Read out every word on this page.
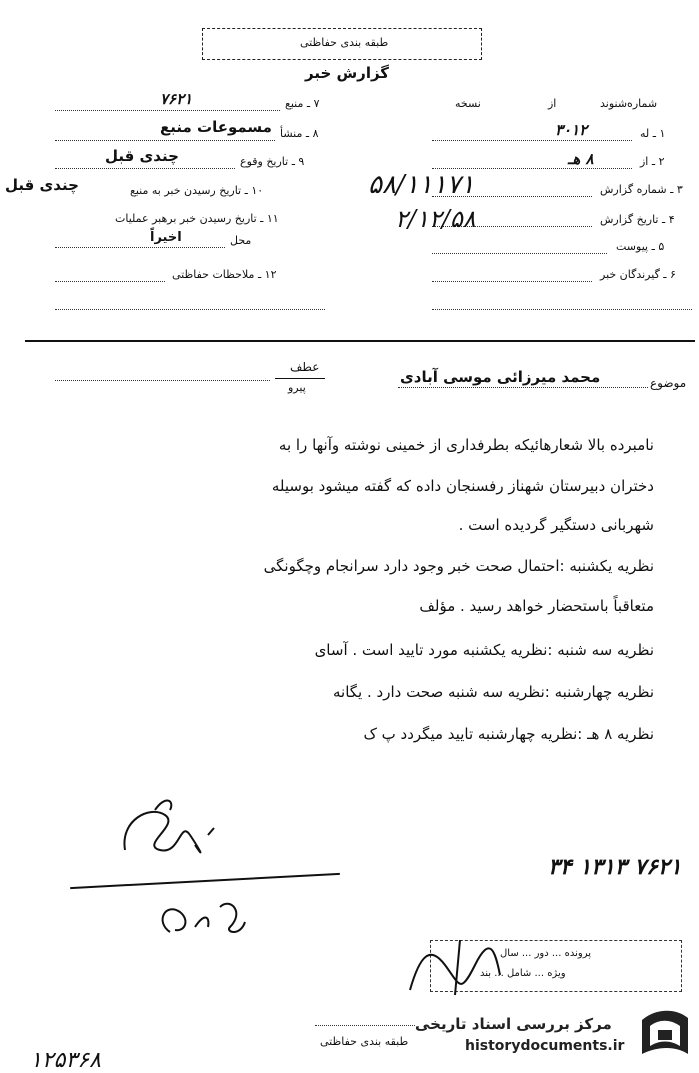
طبقه بندی حفاظتی
گزارش خبر
شماره‌شنوند
از
نسخه
۱ ـ له
۳۰۱۲
۲ ـ از
۸ هـ
۳ ـ شماره گزارش
۵۸/۱۱۱۷۱
۴ ـ تاریخ گزارش
۲/۱۲/۵۸
۵ ـ پیوست
۶ ـ گیرندگان خبر
۷ ـ منبع
۷۶۲۱
۸ ـ منشأ
مسموعات منبع
۹ ـ تاریخ وقوع
چندی قبل
۱۰ ـ تاریخ رسیدن خبر به منبع
چندی قبل
۱۱ ـ تاریخ رسیدن خبر برهبر عملیات
محل
اخیراً
۱۲ ـ ملاحظات حفاظتی
موضوع
محمد میرزائی موسی آبادی
عطف
پیرو
نامبرده بالا شعارهائیکه بطرفداری از خمینی نوشته وآنها را به
دختران دبیرستان شهناز رفسنجان داده که گفته میشود بوسیله
شهربانی دستگیر گردیده است .
نظریه یکشنبه :احتمال صحت خبر وجود دارد سرانجام وچگونگی
متعاقباً باستحضار خواهد رسید . مؤلف
نظریه سه شنبه :نظریه یکشنبه مورد تایید است . آسای
نظریه چهارشنبه :نظریه سه شنبه صحت دارد . یگانه
نظریه ۸ هـ :نظریه چهارشنبه تایید میگردد پ ک
۷۶۲۱ ۱۳۱۳ ۳۴
پرونده ... دور ... سال
ویژه ... شامل ... بند
طبقه بندی حفاظتی
۱۲۵۳۶۸
مرکز بررسی اسناد تاریخی
historydocuments.ir
